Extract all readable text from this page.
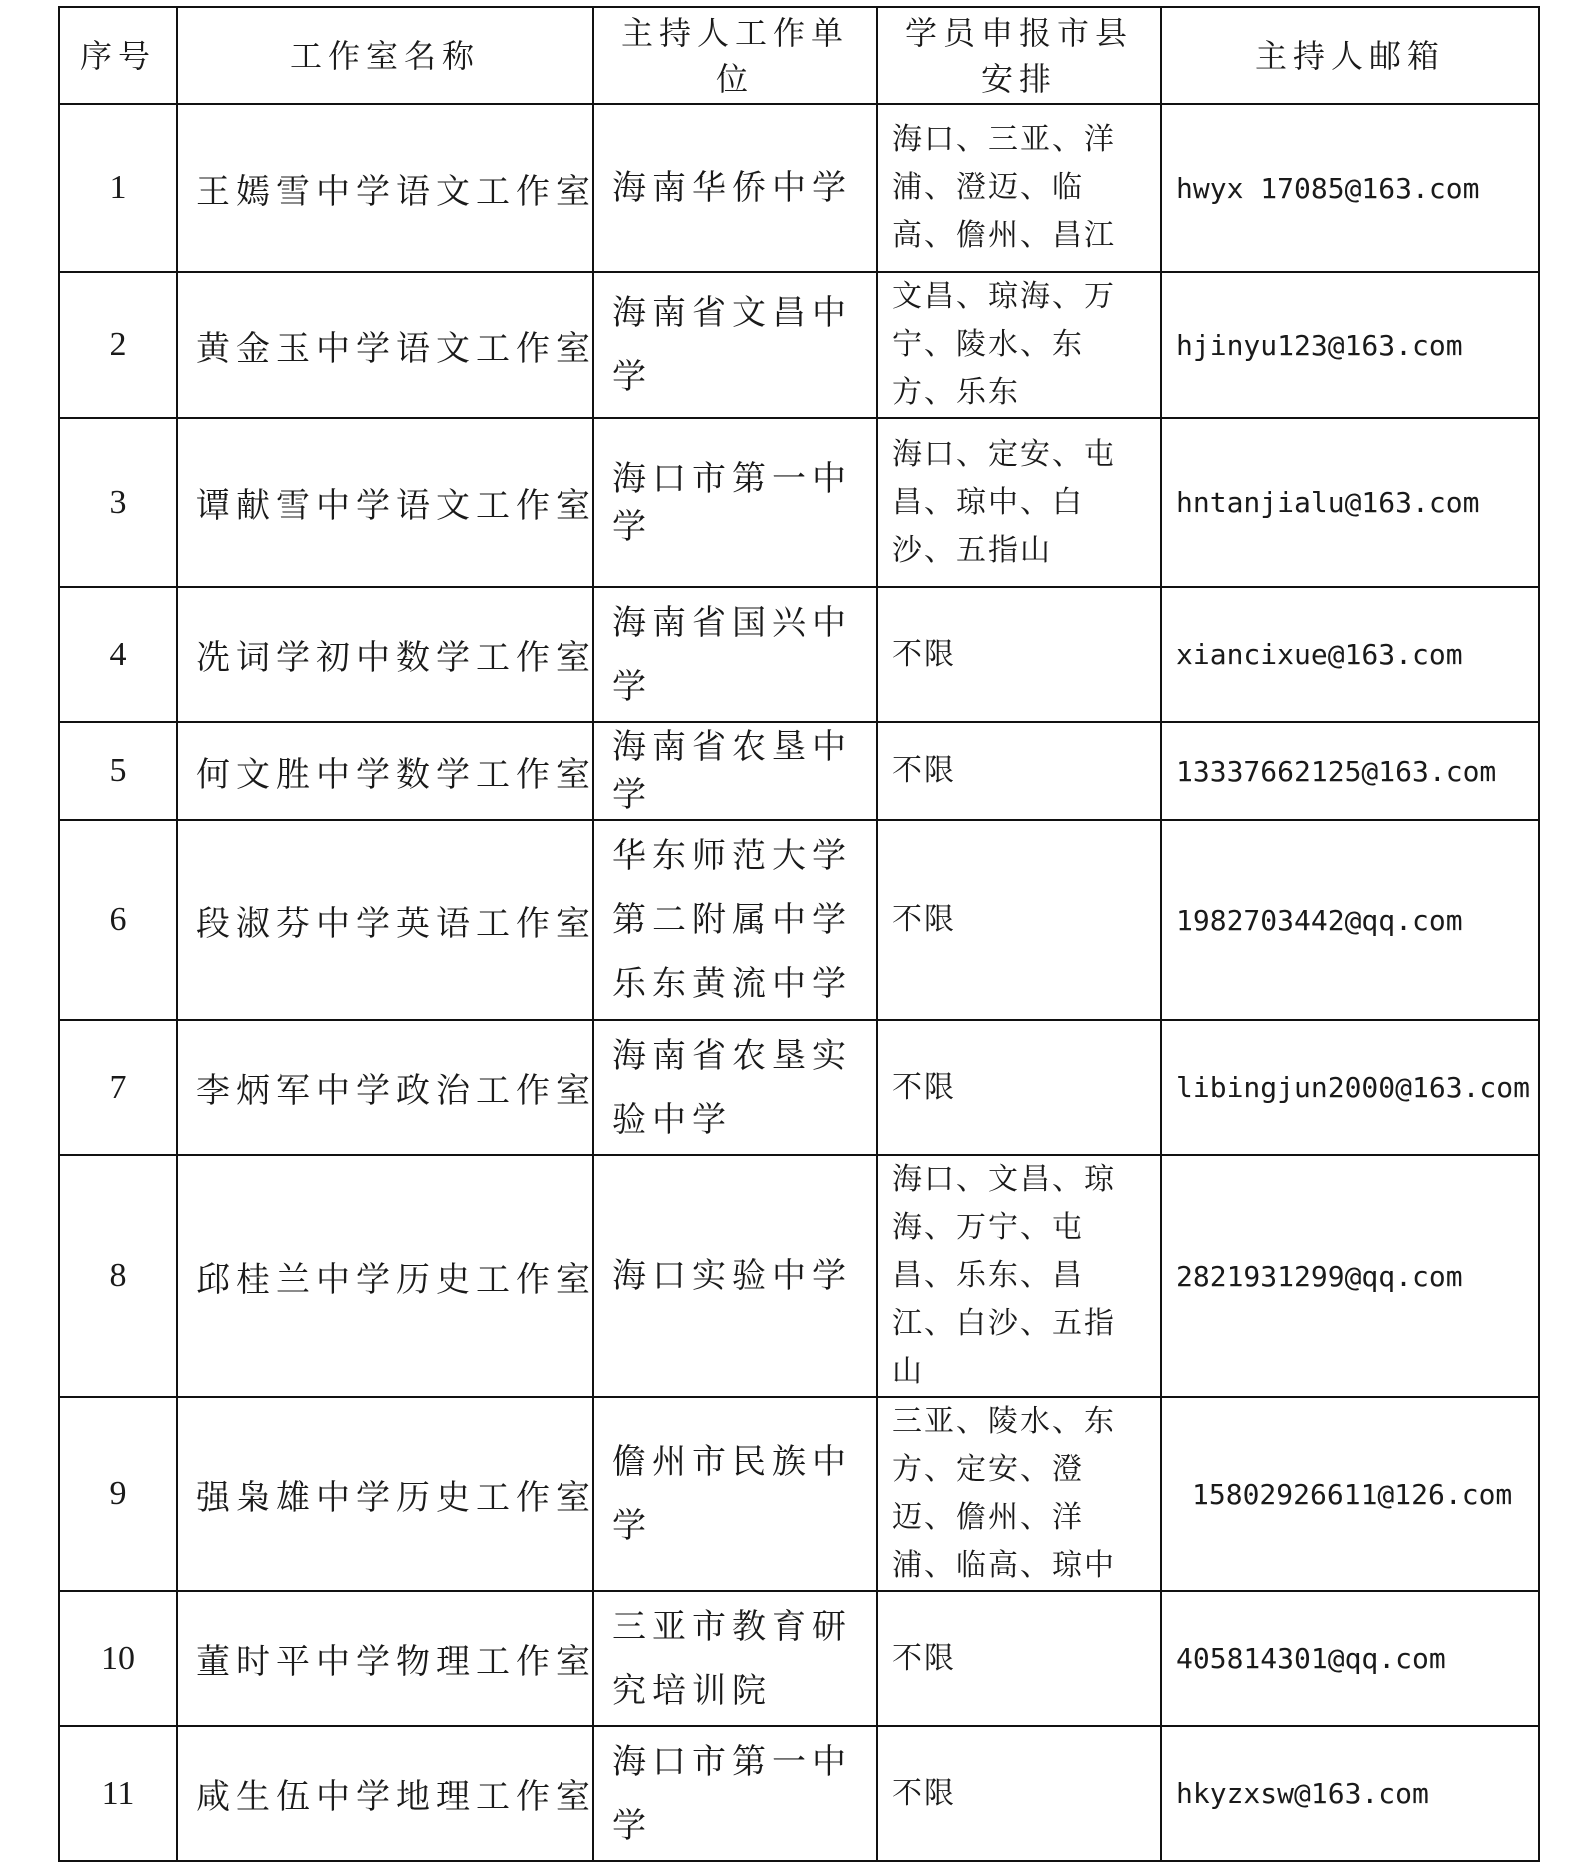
序号	工作室名称	主持人工作单位	学员申报市县安排	主持人邮箱
1	王嫣雪中学语文工作室	海南华侨中学	海口、三亚、洋浦、澄迈、临高、儋州、昌江	hwyx 17085@163.com
2	黄金玉中学语文工作室	海南省文昌中学	文昌、琼海、万宁、陵水、东方、乐东	hjinyu123@163.com
3	谭献雪中学语文工作室	海口市第一中学	海口、定安、屯昌、琼中、白沙、五指山	hntanjialu@163.com
4	冼词学初中数学工作室	海南省国兴中学	不限	xiancixue@163.com
5	何文胜中学数学工作室	海南省农垦中学	不限	13337662125@163.com
6	段淑芬中学英语工作室	华东师范大学第二附属中学乐东黄流中学	不限	1982703442@qq.com
7	李炳军中学政治工作室	海南省农垦实验中学	不限	libingjun2000@163.com
8	邱桂兰中学历史工作室	海口实验中学	海口、文昌、琼海、万宁、屯昌、乐东、昌江、白沙、五指山	2821931299@qq.com
9	强枭雄中学历史工作室	儋州市民族中学	三亚、陵水、东方、定安、澄迈、儋州、洋浦、临高、琼中	15802926611@126.com
10	董时平中学物理工作室	三亚市教育研究培训院	不限	405814301@qq.com
11	咸生伍中学地理工作室	海口市第一中学	不限	hkyzxsw@163.com
